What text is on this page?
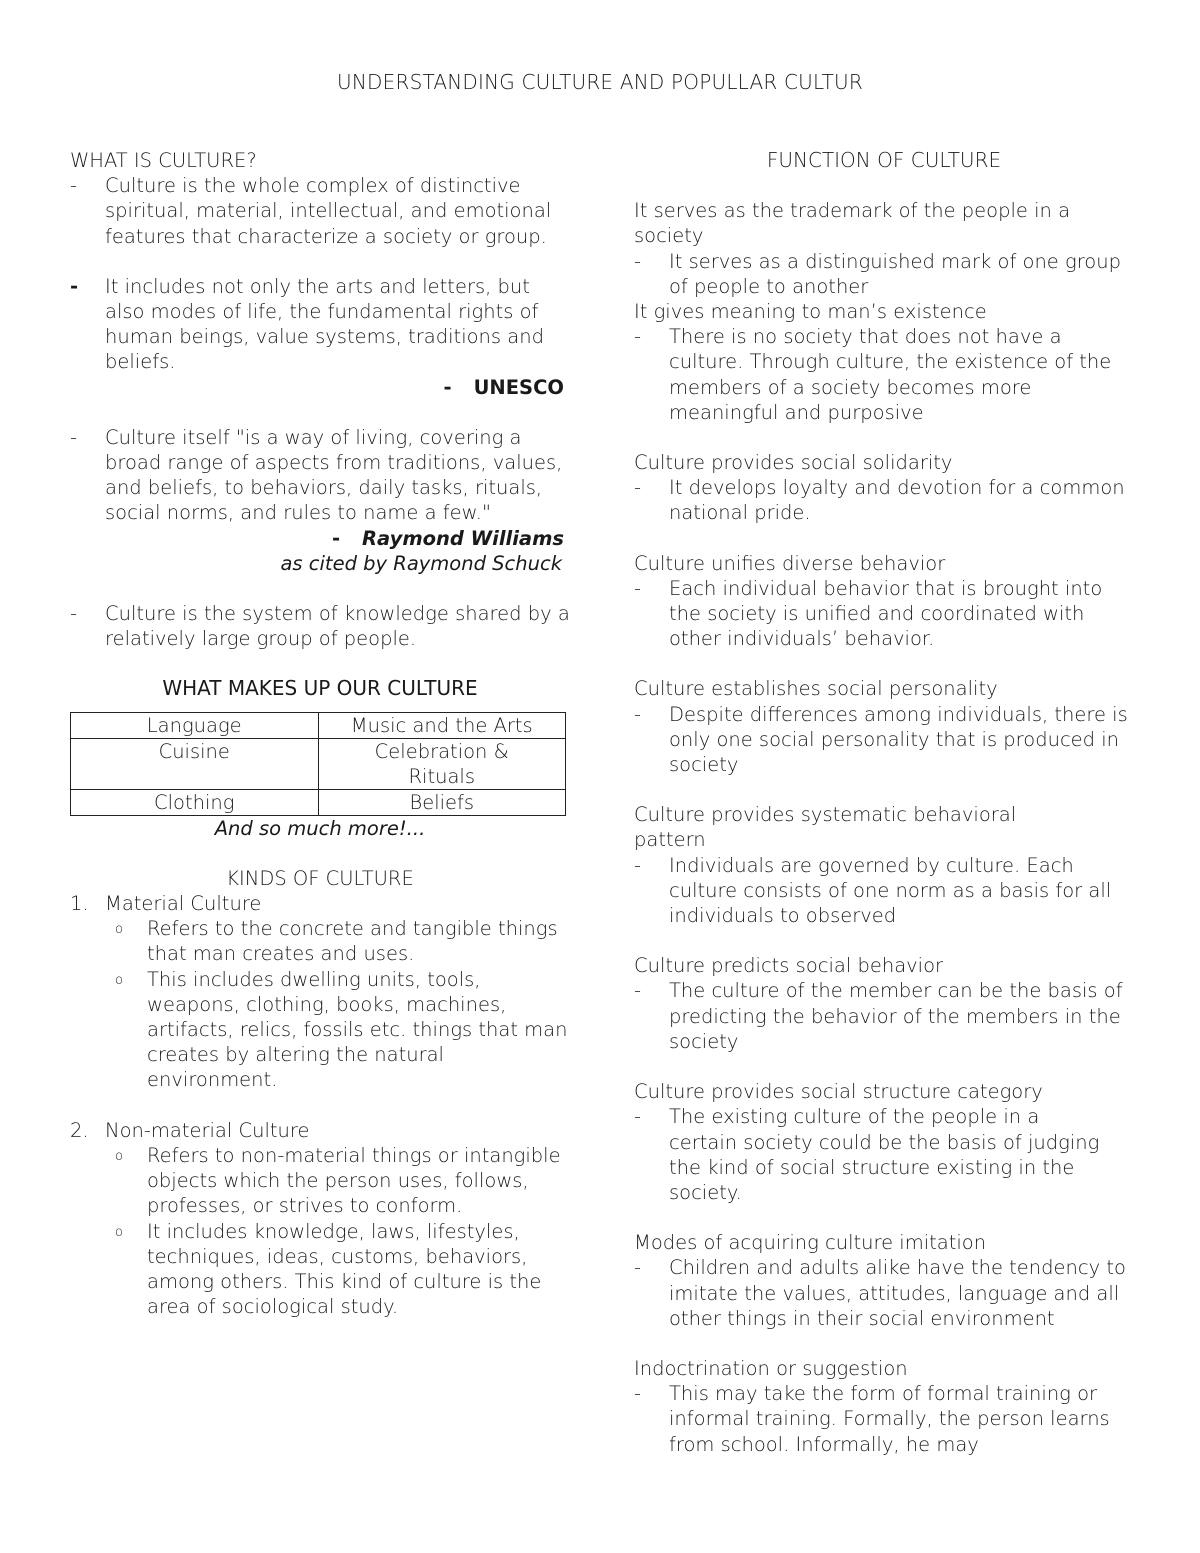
UNDERSTANDING CULTURE AND POPULLAR CULTUR

WHAT IS CULTURE?

- Culture is the whole complex of distinctive spiritual, material, intellectual, and emotional features that characterize a society or group.

- It includes not only the arts and letters, but also modes of life, the fundamental rights of human beings, value systems, traditions and
beliefs.

- UNESCO

- Culture itself "is a way of living, covering a broad range of aspects from traditions, values, and beliefs, to behaviors, daily tasks, rituals, social norms, and rules to name a few."

- Raymond Williams

as cited by Raymond Schuck

- Culture is the system of knowledge shared by a relatively large group of people.

WHAT MAKES UP OUR CULTURE

Language	Music and the Arts
Cuisine	Celebration & Rituals
Clothing	Beliefs

And so much more!...

KINDS OF CULTURE

1. Material Culture

o Refers to the concrete and tangible things that man creates and uses.

o This includes dwelling units, tools, weapons, clothing, books, machines, artifacts, relics, fossils etc. things that man creates by altering the natural environment.

2. Non-material Culture

o Refers to non-material things or intangible objects which the person uses, follows, professes, or strives to conform.

o It includes knowledge, laws, lifestyles, techniques, ideas, customs, behaviors, among others. This kind of culture is the area of sociological study.

FUNCTION OF CULTURE

It serves as the trademark of the people in a society

- It serves as a distinguished mark of one group of people to another

It gives meaning to man’s existence

- There is no society that does not have a culture. Through culture, the existence of the members of a society becomes more meaningful and purposive

Culture provides social solidarity

- It develops loyalty and devotion for a common national pride.

Culture unifies diverse behavior

- Each individual behavior that is brought into the society is unified and coordinated with other individuals’ behavior.

Culture establishes social personality

- Despite differences among individuals, there is only one social personality that is produced in society

Culture provides systematic behavioral pattern

- Individuals are governed by culture. Each culture consists of one norm as a basis for all individuals to observed

Culture predicts social behavior

- The culture of the member can be the basis of predicting the behavior of the members in the society

Culture provides social structure category

- The existing culture of the people in a certain society could be the basis of judging the kind of social structure existing in the society.

Modes of acquiring culture imitation

- Children and adults alike have the tendency to imitate the values, attitudes, language and all other things in their social environment

Indoctrination or suggestion

- This may take the form of formal training or informal training. Formally, the person learns from school. Informally, he may
